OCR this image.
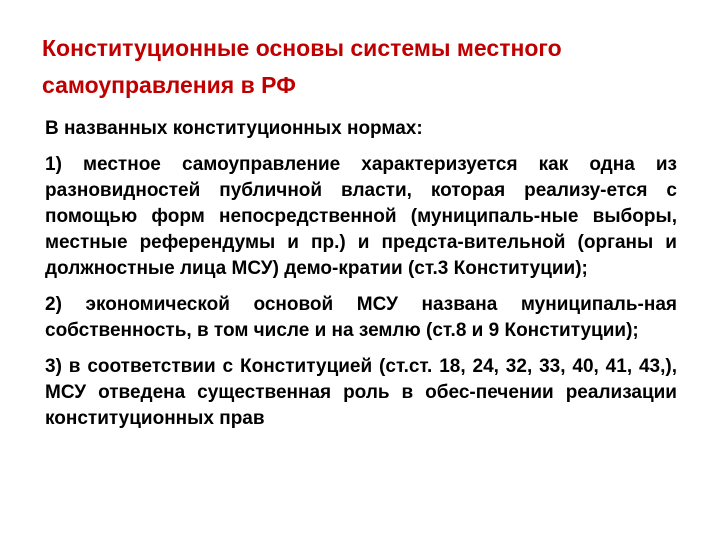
Конституционные основы системы местного самоуправления в РФ

В названных конституционных нормах:

1) местное самоуправление характеризуется как одна из разновидностей публичной власти, которая реализу-ется с помощью форм непосредственной (муниципаль-ные выборы, местные референдумы и пр.) и предста-вительной (органы и должностные лица МСУ) демо-кратии (ст.3 Конституции);

2) экономической основой МСУ названа муниципаль-ная собственность, в том числе и на землю (ст.8 и 9 Конституции);

3) в соответствии с Конституцией (ст.ст. 18, 24, 32, 33, 40, 41, 43,), МСУ отведена существенная роль в обес-печении реализации конституционных прав
